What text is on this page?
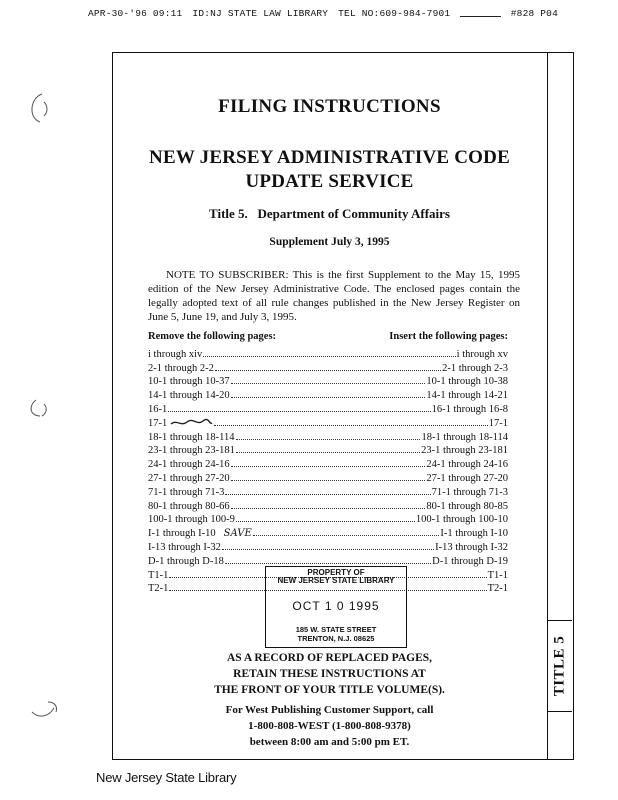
APR-30-'96 09:11 ID:NJ STATE LAW LIBRARY TEL NO:609-984-7901	#828 P04
TITLE 5
FILING INSTRUCTIONS
NEW JERSEY ADMINISTRATIVE CODE
UPDATE SERVICE
Title 5.   Department of Community Affairs
Supplement July 3, 1995
NOTE TO SUBSCRIBER: This is the first Supplement to the May 15, 1995 edition of the New Jersey Administrative Code. The enclosed pages contain the legally adopted text of all rule changes published in the New Jersey Register on June 5, June 19, and July 3, 1995.
Remove the following pages:	Insert the following pages:
i through xiv	i through xv
2-1 through 2-2	2-1 through 2-3
10-1 through 10-37	10-1 through 10-38
14-1 through 14-20	14-1 through 14-21
16-1	16-1 through 16-8
17-1	17-1
18-1 through 18-114	18-1 through 18-114
23-1 through 23-181	23-1 through 23-181
24-1 through 24-16	24-1 through 24-16
27-1 through 27-20	27-1 through 27-20
71-1 through 71-3	71-1 through 71-3
80-1 through 80-66	80-1 through 80-85
100-1 through 100-9	100-1 through 100-10
I-1 through I-10 SAVE	I-1 through I-10
I-13 through I-32	I-13 through I-32
D-1 through D-18	D-1 through D-19
T1-1	T1-1
T2-1	T2-1
PROPERTY OF
NEW JERSEY STATE LIBRARY
OCT 1 0 1995
185 W. STATE STREET
TRENTON, N.J. 08625
AS A RECORD OF REPLACED PAGES,
RETAIN THESE INSTRUCTIONS AT
THE FRONT OF YOUR TITLE VOLUME(S).
For West Publishing Customer Support, call
1-800-808-WEST (1-800-808-9378)
between 8:00 am and 5:00 pm ET.
New Jersey State Library
